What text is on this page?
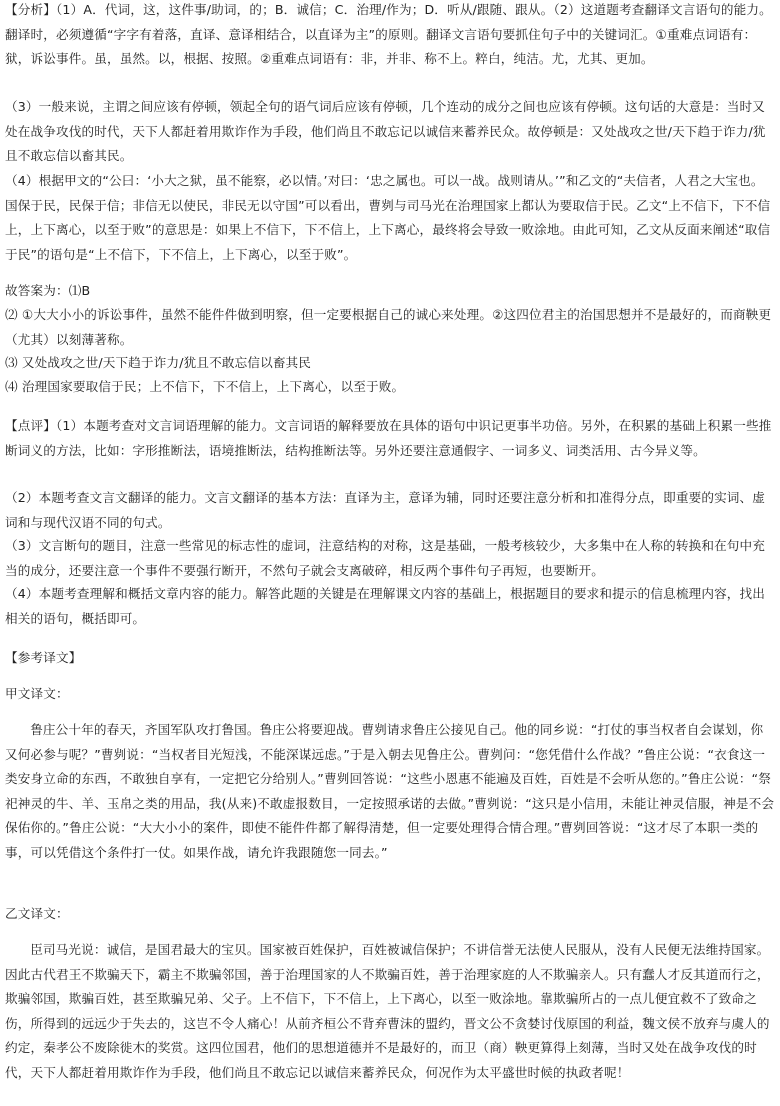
【分析】（1）A．代词，这，这件事/助词，的；B．诚信；C．治理/作为；D．听从/跟随、跟从。（2）这道题考查翻译文言语句的能力。翻译时，必须遵循“字字有着落，直译、意译相结合，以直译为主”的原则。翻译文言语句要抓住句子中的关键词汇。①重难点词语有：狱，诉讼事件。虽，虽然。以，根据、按照。②重难点词语有：非，并非、称不上。粹白，纯洁。尤，尤其、更加。

（3）一般来说，主谓之间应该有停顿，领起全句的语气词后应该有停顿，几个连动的成分之间也应该有停顿。这句话的大意是：当时又处在战争攻伐的时代，天下人都赶着用欺诈作为手段，他们尚且不敢忘记以诚信来蓄养民众。故停顿是：又处战攻之世/天下趋于诈力/犹且不敢忘信以畜其民。

（4）根据甲文的“公曰：‘小大之狱，虽不能察，必以情。’对曰：‘忠之属也。可以一战。战则请从。’”和乙文的“夫信者，人君之大宝也。国保于民，民保于信；非信无以使民，非民无以守国”可以看出，曹刿与司马光在治理国家上都认为要取信于民。乙文“上不信下，下不信上，上下离心，以至于败”的意思是：如果上不信下，下不信上，上下离心，最终将会导致一败涂地。由此可知，乙文从反面来阐述“取信于民”的语句是“上不信下，下不信上，上下离心，以至于败”。

故答案为：⑴B

⑵ ①大大小小的诉讼事件，虽然不能件件做到明察，但一定要根据自己的诚心来处理。②这四位君主的治国思想并不是最好的，而商鞅更（尤其）以刻薄著称。

⑶ 又处战攻之世/天下趋于诈力/犹且不敢忘信以畜其民

⑷ 治理国家要取信于民；上不信下，下不信上，上下离心，以至于败。

【点评】（1）本题考查对文言词语理解的能力。文言词语的解释要放在具体的语句中识记更事半功倍。另外，在积累的基础上积累一些推断词义的方法，比如：字形推断法，语境推断法，结构推断法等。另外还要注意通假字、一词多义、词类活用、古今异义等。

（2）本题考查文言文翻译的能力。文言文翻译的基本方法：直译为主，意译为辅，同时还要注意分析和扣准得分点，即重要的实词、虚词和与现代汉语不同的句式。

（3）文言断句的题目，注意一些常见的标志性的虚词，注意结构的对称，这是基础，一般考核较少，大多集中在人称的转换和在句中充当的成分，还要注意一个事件不要强行断开，不然句子就会支离破碎，相反两个事件句子再短，也要断开。

（4）本题考查理解和概括文章内容的能力。解答此题的关键是在理解课文内容的基础上，根据题目的要求和提示的信息梳理内容，找出相关的语句，概括即可。

【参考译文】

甲文译文：

鲁庄公十年的春天，齐国军队攻打鲁国。鲁庄公将要迎战。曹刿请求鲁庄公接见自己。他的同乡说：“打仗的事当权者自会谋划，你又何必参与呢？”曹刿说：“当权者目光短浅，不能深谋远虑。”于是入朝去见鲁庄公。曹刿问：“您凭借什么作战？”鲁庄公说：“衣食这一类安身立命的东西，不敢独自享有，一定把它分给别人。”曹刿回答说：“这些小恩惠不能遍及百姓，百姓是不会听从您的。”鲁庄公说：“祭祀神灵的牛、羊、玉帛之类的用品，我(从来)不敢虚报数目，一定按照承诺的去做。”曹刿说：“这只是小信用，未能让神灵信服，神是不会保佑你的。”鲁庄公说：“大大小小的案件，即使不能件件都了解得清楚，但一定要处理得合情合理。”曹刿回答说：“这才尽了本职一类的事，可以凭借这个条件打一仗。如果作战，请允许我跟随您一同去。”

乙文译文：

臣司马光说：诚信，是国君最大的宝贝。国家被百姓保护，百姓被诚信保护；不讲信誉无法使人民服从，没有人民便无法维持国家。因此古代君王不欺骗天下，霸主不欺骗邻国，善于治理国家的人不欺骗百姓，善于治理家庭的人不欺骗亲人。只有蠢人才反其道而行之，欺骗邻国，欺骗百姓，甚至欺骗兄弟、父子。上不信下，下不信上，上下离心，以至一败涂地。靠欺骗所占的一点儿便宜救不了致命之伤，所得到的远远少于失去的，这岂不令人痛心！从前齐桓公不背弃曹沫的盟约，晋文公不贪婪讨伐原国的利益，魏文侯不放弃与虞人的约定，秦孝公不废除徙木的奖赏。这四位国君，他们的思想道德并不是最好的，而卫（商）鞅更算得上刻薄，当时又处在战争攻伐的时代，天下人都赶着用欺诈作为手段，他们尚且不敢忘记以诚信来蓄养民众，何况作为太平盛世时候的执政者呢！
